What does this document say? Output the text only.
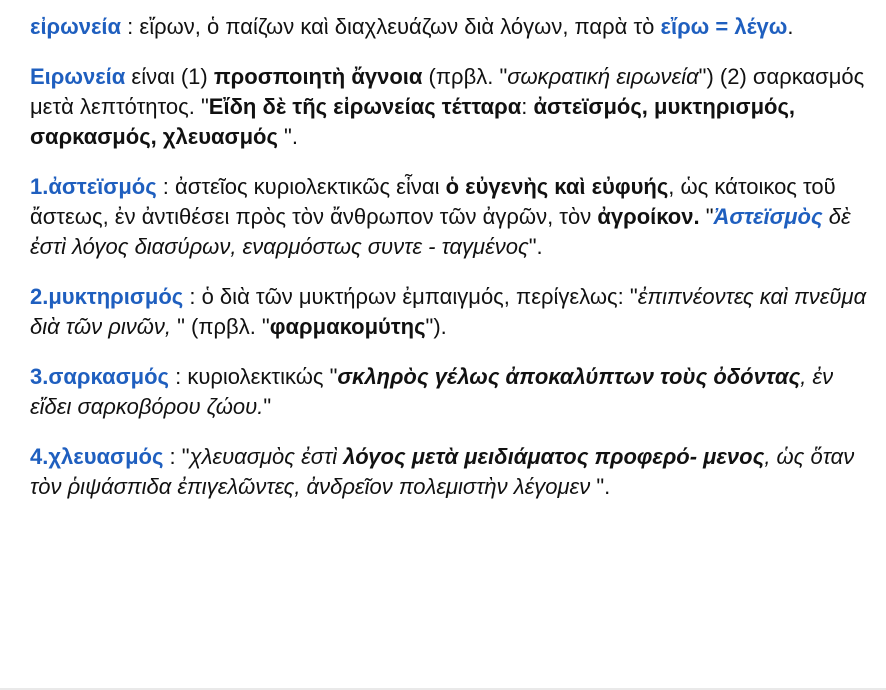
εἰρωνεία : εἴρων, ὁ παίζων καὶ διαχλευάζων διὰ λόγων, παρὰ τὸ εἴρω = λέγω.

Ειρωνεία είναι (1) προσποιητὴ ἄγνοια (πρβλ. "σωκρατική ειρωνεία") (2) σαρκασμός μετὰ λεπτότητος. "Εἴδη δὲ τῆς εἰρωνείας τέτταρα: ἀστεϊσμός, μυκτηρισμός, σαρκασμός, χλευασμός ".

1.ἀστεϊσμός : ἀστεῖος κυριολεκτικῶς εἶναι ὁ εὐγενὴς καὶ εὐφυής, ὡς κάτοικος τοῦ ἄστεως, ἐν ἀντιθέσει πρὸς τὸν ἄνθρωπον τῶν ἀγρῶν, τὸν ἀγροίκον. "Ἀστεϊσμὸς δὲ ἐστὶ λόγος διασύρων, εναρμόστως συντε - ταγμένος".

2.μυκτηρισμός : ὁ διὰ τῶν μυκτήρων ἐμπαιγμός, περίγελως: "ἐπιπνέοντες καὶ πνεῦμα διὰ τῶν ρινῶν, " (πρβλ. "φαρμακομύτης").

3.σαρκασμός : κυριολεκτικώς "σκληρὸς γέλως ἀποκαλύπτων τοὺς ὀδόντας, ἐν εἴδει σαρκοβόρου ζώου."

4.χλευασμός : "χλευασμὸς ἐστὶ λόγος μετὰ μειδιάματος προφερό- μενος, ὡς ὅταν τὸν ῥιψάσπιδα ἐπιγελῶντες, ἀνδρεῖον πολεμιστὴν λέγομεν ".
